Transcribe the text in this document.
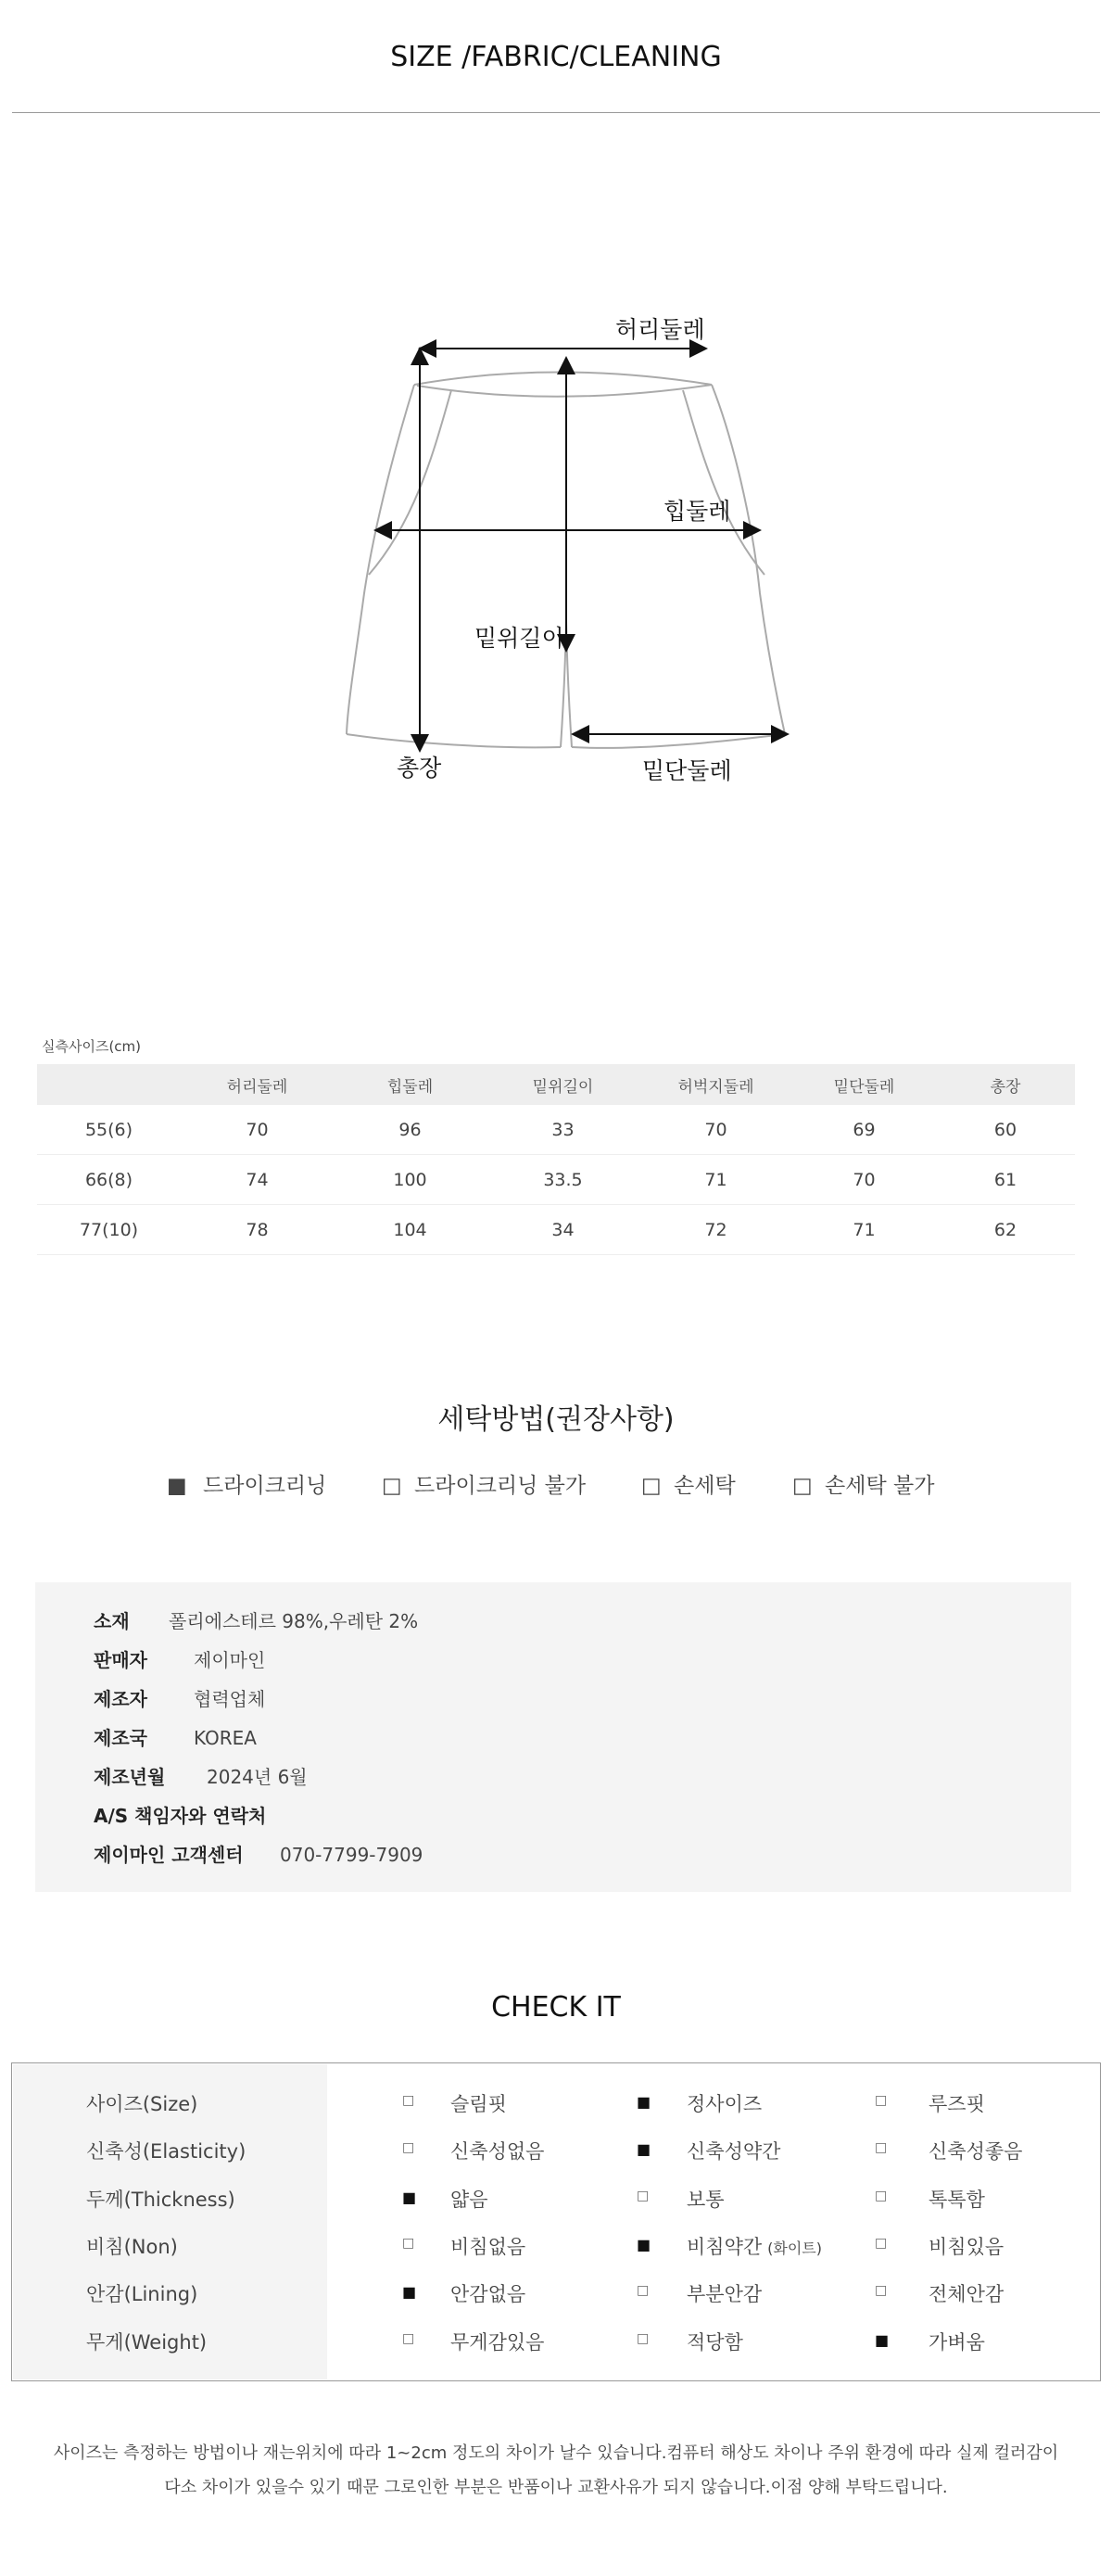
SIZE /FABRIC/CLEANING
허리둘레
힙둘레
밑위길이
총장	밑단둘레
실측사이즈(cm)
	허리둘레	힙둘레	밑위길이	허벅지둘레	밑단둘레	총장
55(6)	70	96	33	70	69	60
66(8)	74	100	33.5	71	70	61
77(10)	78	104	34	72	71	62
세탁방법(권장사항)
■ 드라이크리닝	□ 드라이크리닝 불가	□ 손세탁	□ 손세탁 불가
소재 폴리에스테르 98%,우레탄 2%
판매자	제이마인
제조자	협력업체
제조국	KOREA
제조년월 2024년 6월
A/S 책임자와 연락처
제이마인 고객센터 070-7799-7909
CHECK IT
사이즈(Size)	□ 슬림핏	■ 정사이즈	□ 루즈핏
신축성(Elasticity)	□ 신축성없음	■ 신축성약간	□ 신축성좋음
두께(Thickness)	■ 얇음	□ 보통	□ 톡톡함
비침(Non)	□ 비침없음	■ 비침약간 (화이트)	□ 비침있음
안감(Lining)	■ 안감없음	□ 부분안감	□ 전체안감
무게(Weight)	□ 무게감있음	□ 적당함	■ 가벼움
사이즈는 측정하는 방법이나 재는위치에 따라 1~2cm 정도의 차이가 날수 있습니다.컴퓨터 해상도 차이나 주위 환경에 따라 실제 컬러감이
다소 차이가 있을수 있기 때문 그로인한 부분은 반품이나 교환사유가 되지 않습니다.이점 양해 부탁드립니다.
